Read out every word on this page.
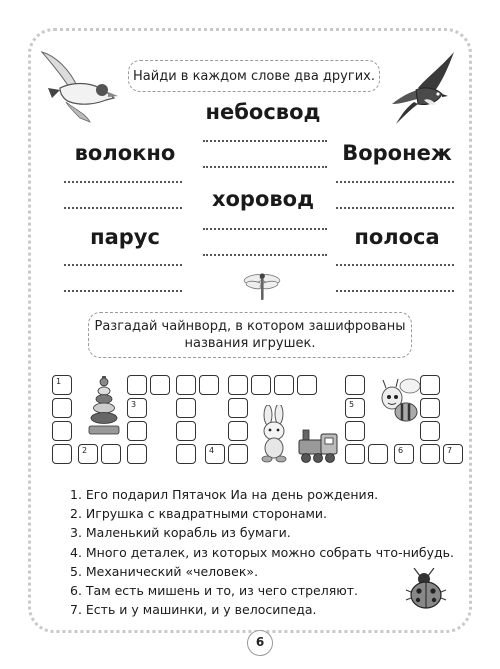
Найди в каждом слове два других.
небосвод
волокно	Воронеж
хоровод
парус	полоса
Разгадай чайнворд, в котором зашифрованы названия игрушек.
1
2
3
4
5
6	7
1. Его подарил Пятачок Иа на день рождения.
2. Игрушка с квадратными сторонами.
3. Маленький корабль из бумаги.
4. Много деталек, из которых можно собрать что-нибудь.
5. Механический «человек».
6. Там есть мишень и то, из чего стреляют.
7. Есть и у машинки, и у велосипеда.
6
